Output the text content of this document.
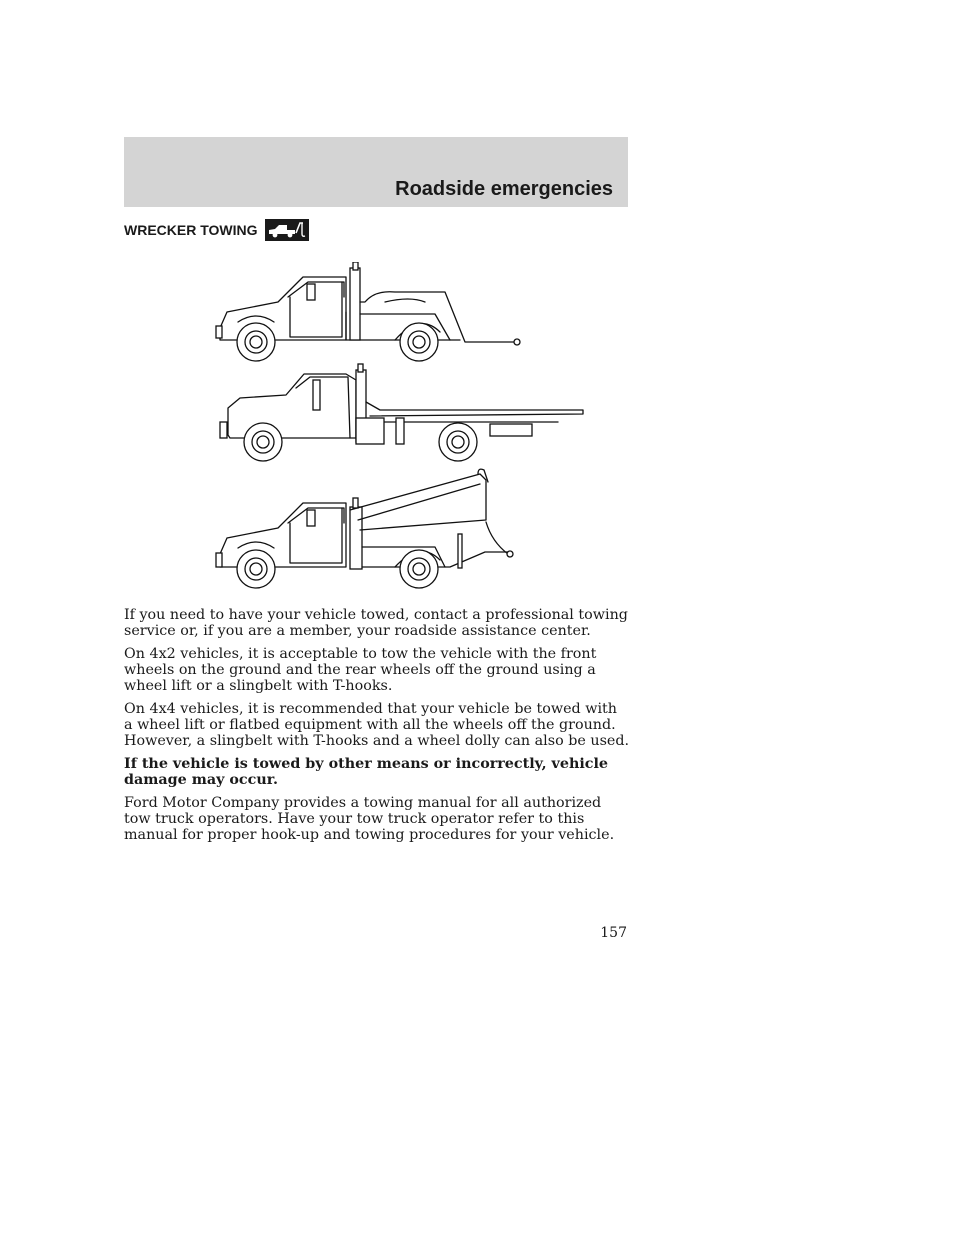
Roadside emergencies
WRECKER TOWING

If you need to have your vehicle towed, contact a professional towing service or, if you are a member, your roadside assistance center.

On 4x2 vehicles, it is acceptable to tow the vehicle with the front wheels on the ground and the rear wheels off the ground using a wheel lift or a slingbelt with T-hooks.

On 4x4 vehicles, it is recommended that your vehicle be towed with a wheel lift or flatbed equipment with all the wheels off the ground. However, a slingbelt with T-hooks and a wheel dolly can also be used.

If the vehicle is towed by other means or incorrectly, vehicle damage may occur.

Ford Motor Company provides a towing manual for all authorized tow truck operators. Have your tow truck operator refer to this manual for proper hook-up and towing procedures for your vehicle.

157
